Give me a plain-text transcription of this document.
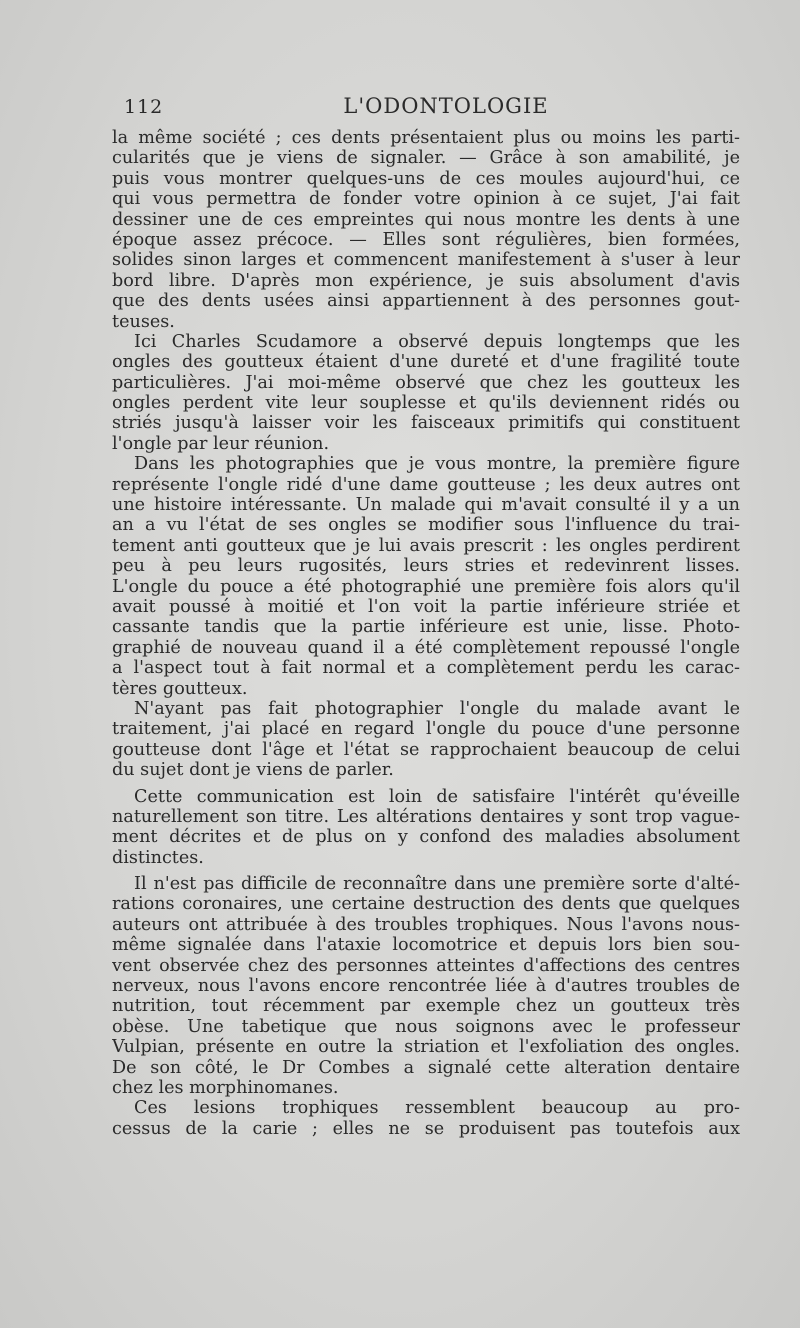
112	L'ODONTOLOGIE
la même société ; ces dents présentaient plus ou moins les parti-
cularités que je viens de signaler. — Grâce à son amabilité, je
puis vous montrer quelques-uns de ces moules aujourd'hui, ce
qui vous permettra de fonder votre opinion à ce sujet, J'ai fait
dessiner une de ces empreintes qui nous montre les dents à une
époque assez précoce. — Elles sont régulières, bien formées,
solides sinon larges et commencent manifestement à s'user à leur
bord libre. D'après mon expérience, je suis absolument d'avis
que des dents usées ainsi appartiennent à des personnes gout-
teuses.
Ici Charles Scudamore a observé depuis longtemps que les
ongles des goutteux étaient d'une dureté et d'une fragilité toute
particulières. J'ai moi-même observé que chez les goutteux les
ongles perdent vite leur souplesse et qu'ils deviennent ridés ou
striés jusqu'à laisser voir les faisceaux primitifs qui constituent
l'ongle par leur réunion.
Dans les photographies que je vous montre, la première figure
représente l'ongle ridé d'une dame goutteuse ; les deux autres ont
une histoire intéressante. Un malade qui m'avait consulté il y a un
an a vu l'état de ses ongles se modifier sous l'influence du trai-
tement anti goutteux que je lui avais prescrit : les ongles perdirent
peu à peu leurs rugosités, leurs stries et redevinrent lisses.
L'ongle du pouce a été photographié une première fois alors qu'il
avait poussé à moitié et l'on voit la partie inférieure striée et
cassante tandis que la partie inférieure est unie, lisse. Photo-
graphié de nouveau quand il a été complètement repoussé l'ongle
a l'aspect tout à fait normal et a complètement perdu les carac-
tères goutteux.
N'ayant pas fait photographier l'ongle du malade avant le
traitement, j'ai placé en regard l'ongle du pouce d'une personne
goutteuse dont l'âge et l'état se rapprochaient beaucoup de celui
du sujet dont je viens de parler.
Cette communication est loin de satisfaire l'intérêt qu'éveille
naturellement son titre. Les altérations dentaires y sont trop vague-
ment décrites et de plus on y confond des maladies absolument
distinctes.
Il n'est pas difficile de reconnaître dans une première sorte d'alté-
rations coronaires, une certaine destruction des dents que quelques
auteurs ont attribuée à des troubles trophiques. Nous l'avons nous-
même signalée dans l'ataxie locomotrice et depuis lors bien sou-
vent observée chez des personnes atteintes d'affections des centres
nerveux, nous l'avons encore rencontrée liée à d'autres troubles de
nutrition, tout récemment par exemple chez un goutteux très
obèse. Une tabetique que nous soignons avec le professeur
Vulpian, présente en outre la striation et l'exfoliation des ongles.
De son côté, le Dr Combes a signalé cette alteration dentaire
chez les morphinomanes.
Ces lesions trophiques ressemblent beaucoup au pro-
cessus de la carie ; elles ne se produisent pas toutefois aux
